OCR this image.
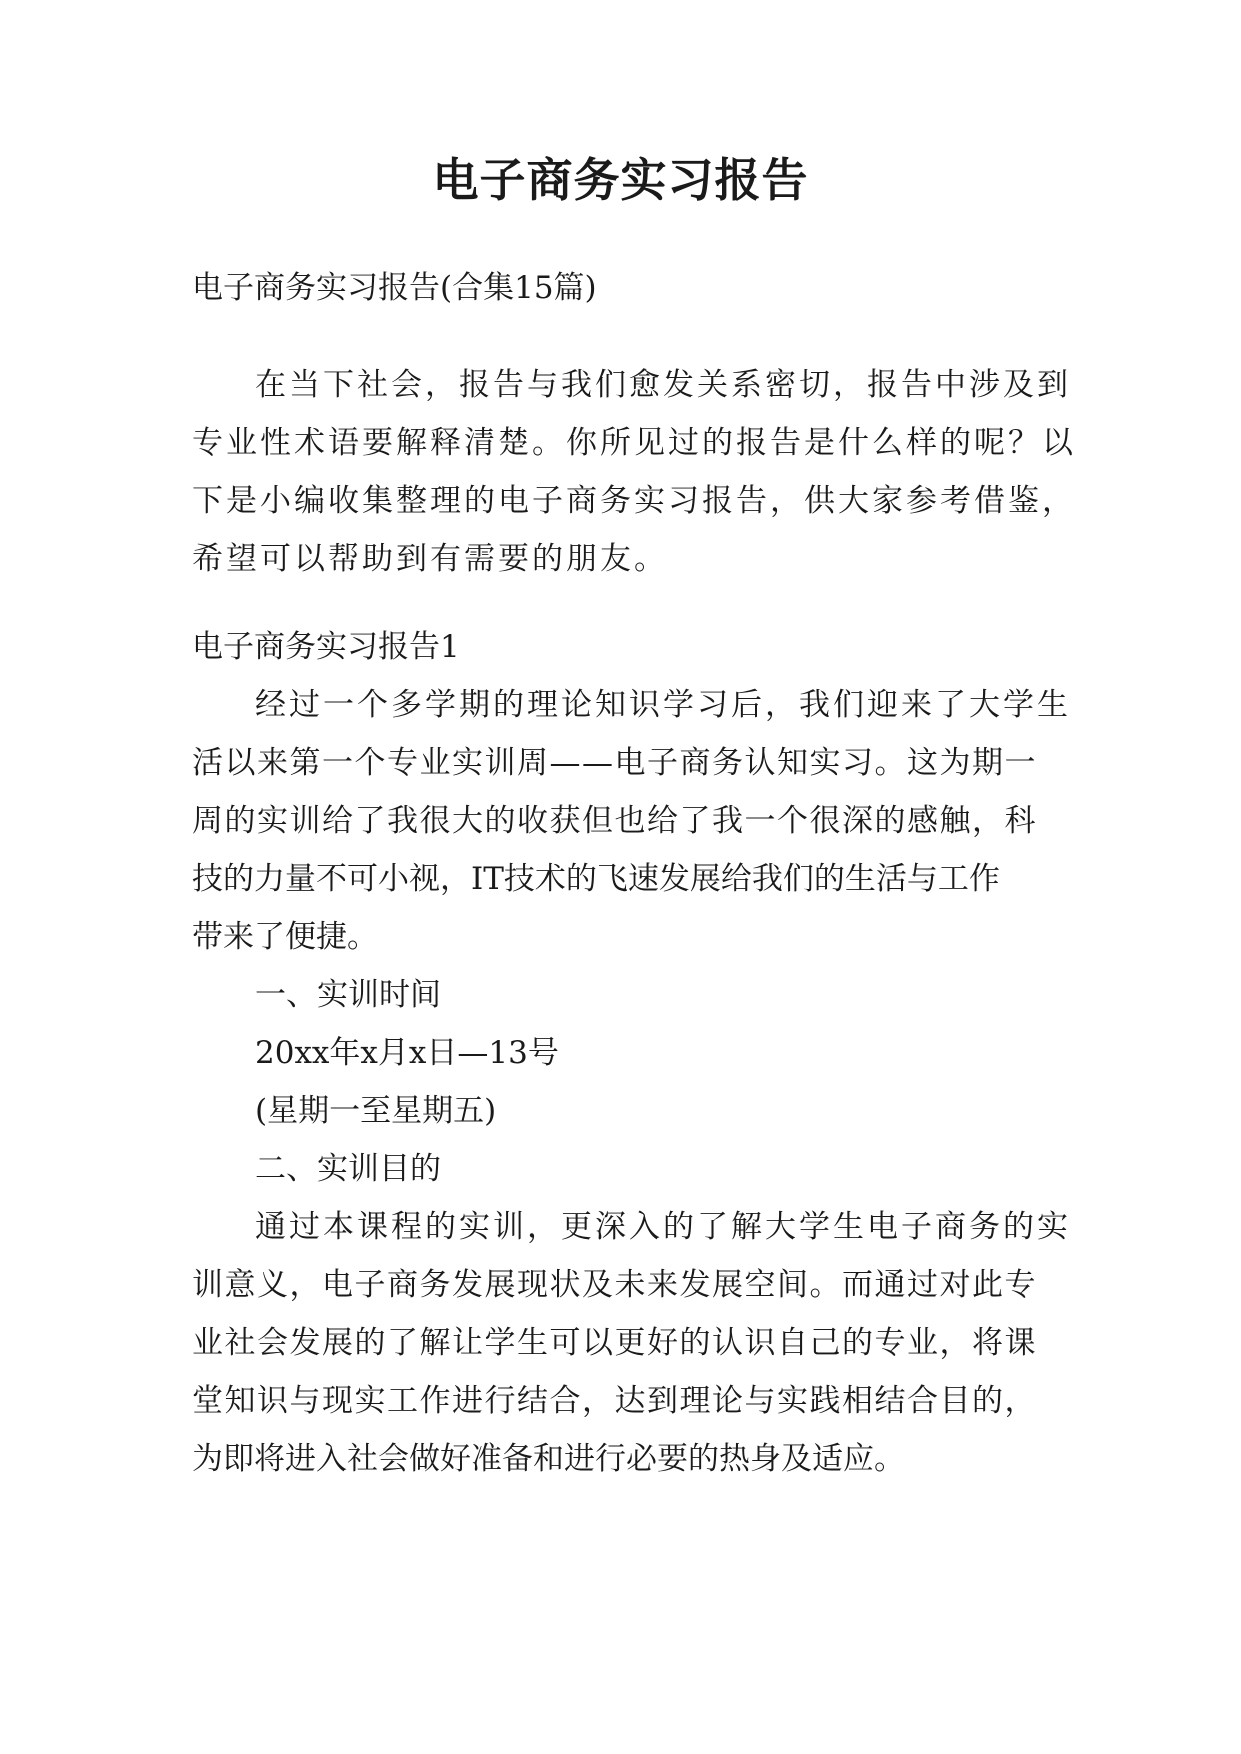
电子商务实习报告
电子商务实习报告(合集15篇)
在当下社会，报告与我们愈发关系密切，报告中涉及到
专业性术语要解释清楚。你所见过的报告是什么样的呢？以
下是小编收集整理的电子商务实习报告，供大家参考借鉴，
希望可以帮助到有需要的朋友。
电子商务实习报告1
经过一个多学期的理论知识学习后，我们迎来了大学生
活以来第一个专业实训周——电子商务认知实习。这为期一
周的实训给了我很大的收获但也给了我一个很深的感触，科
技的力量不可小视，IT技术的飞速发展给我们的生活与工作
带来了便捷。
一、实训时间
20xx年x月x日—13号
(星期一至星期五)
二、实训目的
通过本课程的实训，更深入的了解大学生电子商务的实
训意义，电子商务发展现状及未来发展空间。而通过对此专
业社会发展的了解让学生可以更好的认识自己的专业，将课
堂知识与现实工作进行结合，达到理论与实践相结合目的，
为即将进入社会做好准备和进行必要的热身及适应。
